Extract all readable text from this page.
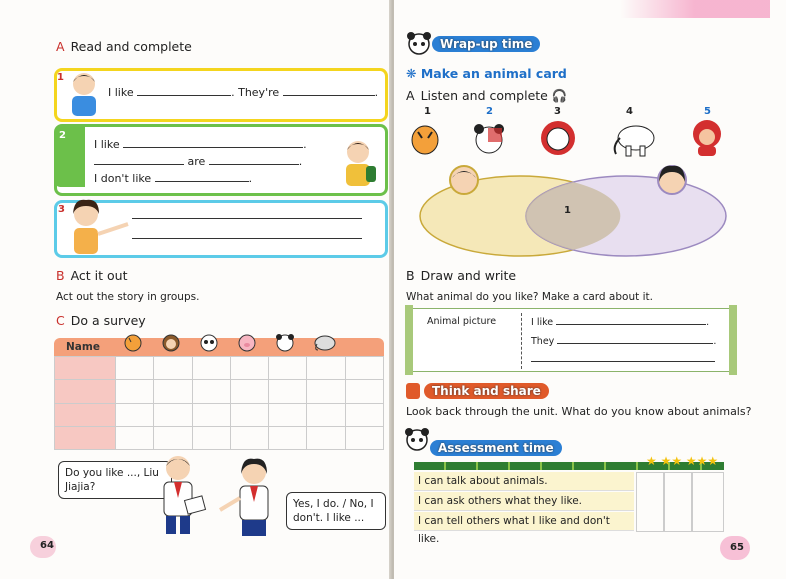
A Read and complete
1
I like	. They're	.
2
I like	.
are	.
I don't like	.
3
B Act it out
Act out the story in groups.
C Do a survey
Name

Do you like ..., Liu Jiajia?
Yes, I do. / No, I don't. I like ...
64
Wrap-up time
❋ Make an animal card
A Listen and complete 🎧
1	2	3	4	5
1
B Draw and write
What animal do you like? Make a card about it.
Animal picture	I like	.
They	.
Think and share
Look back through the unit. What do you know about animals?
Assessment time
★ ★★ ★★★
I can talk about animals.
I can ask others what they like.
I can tell others what I like and don't like.
65
